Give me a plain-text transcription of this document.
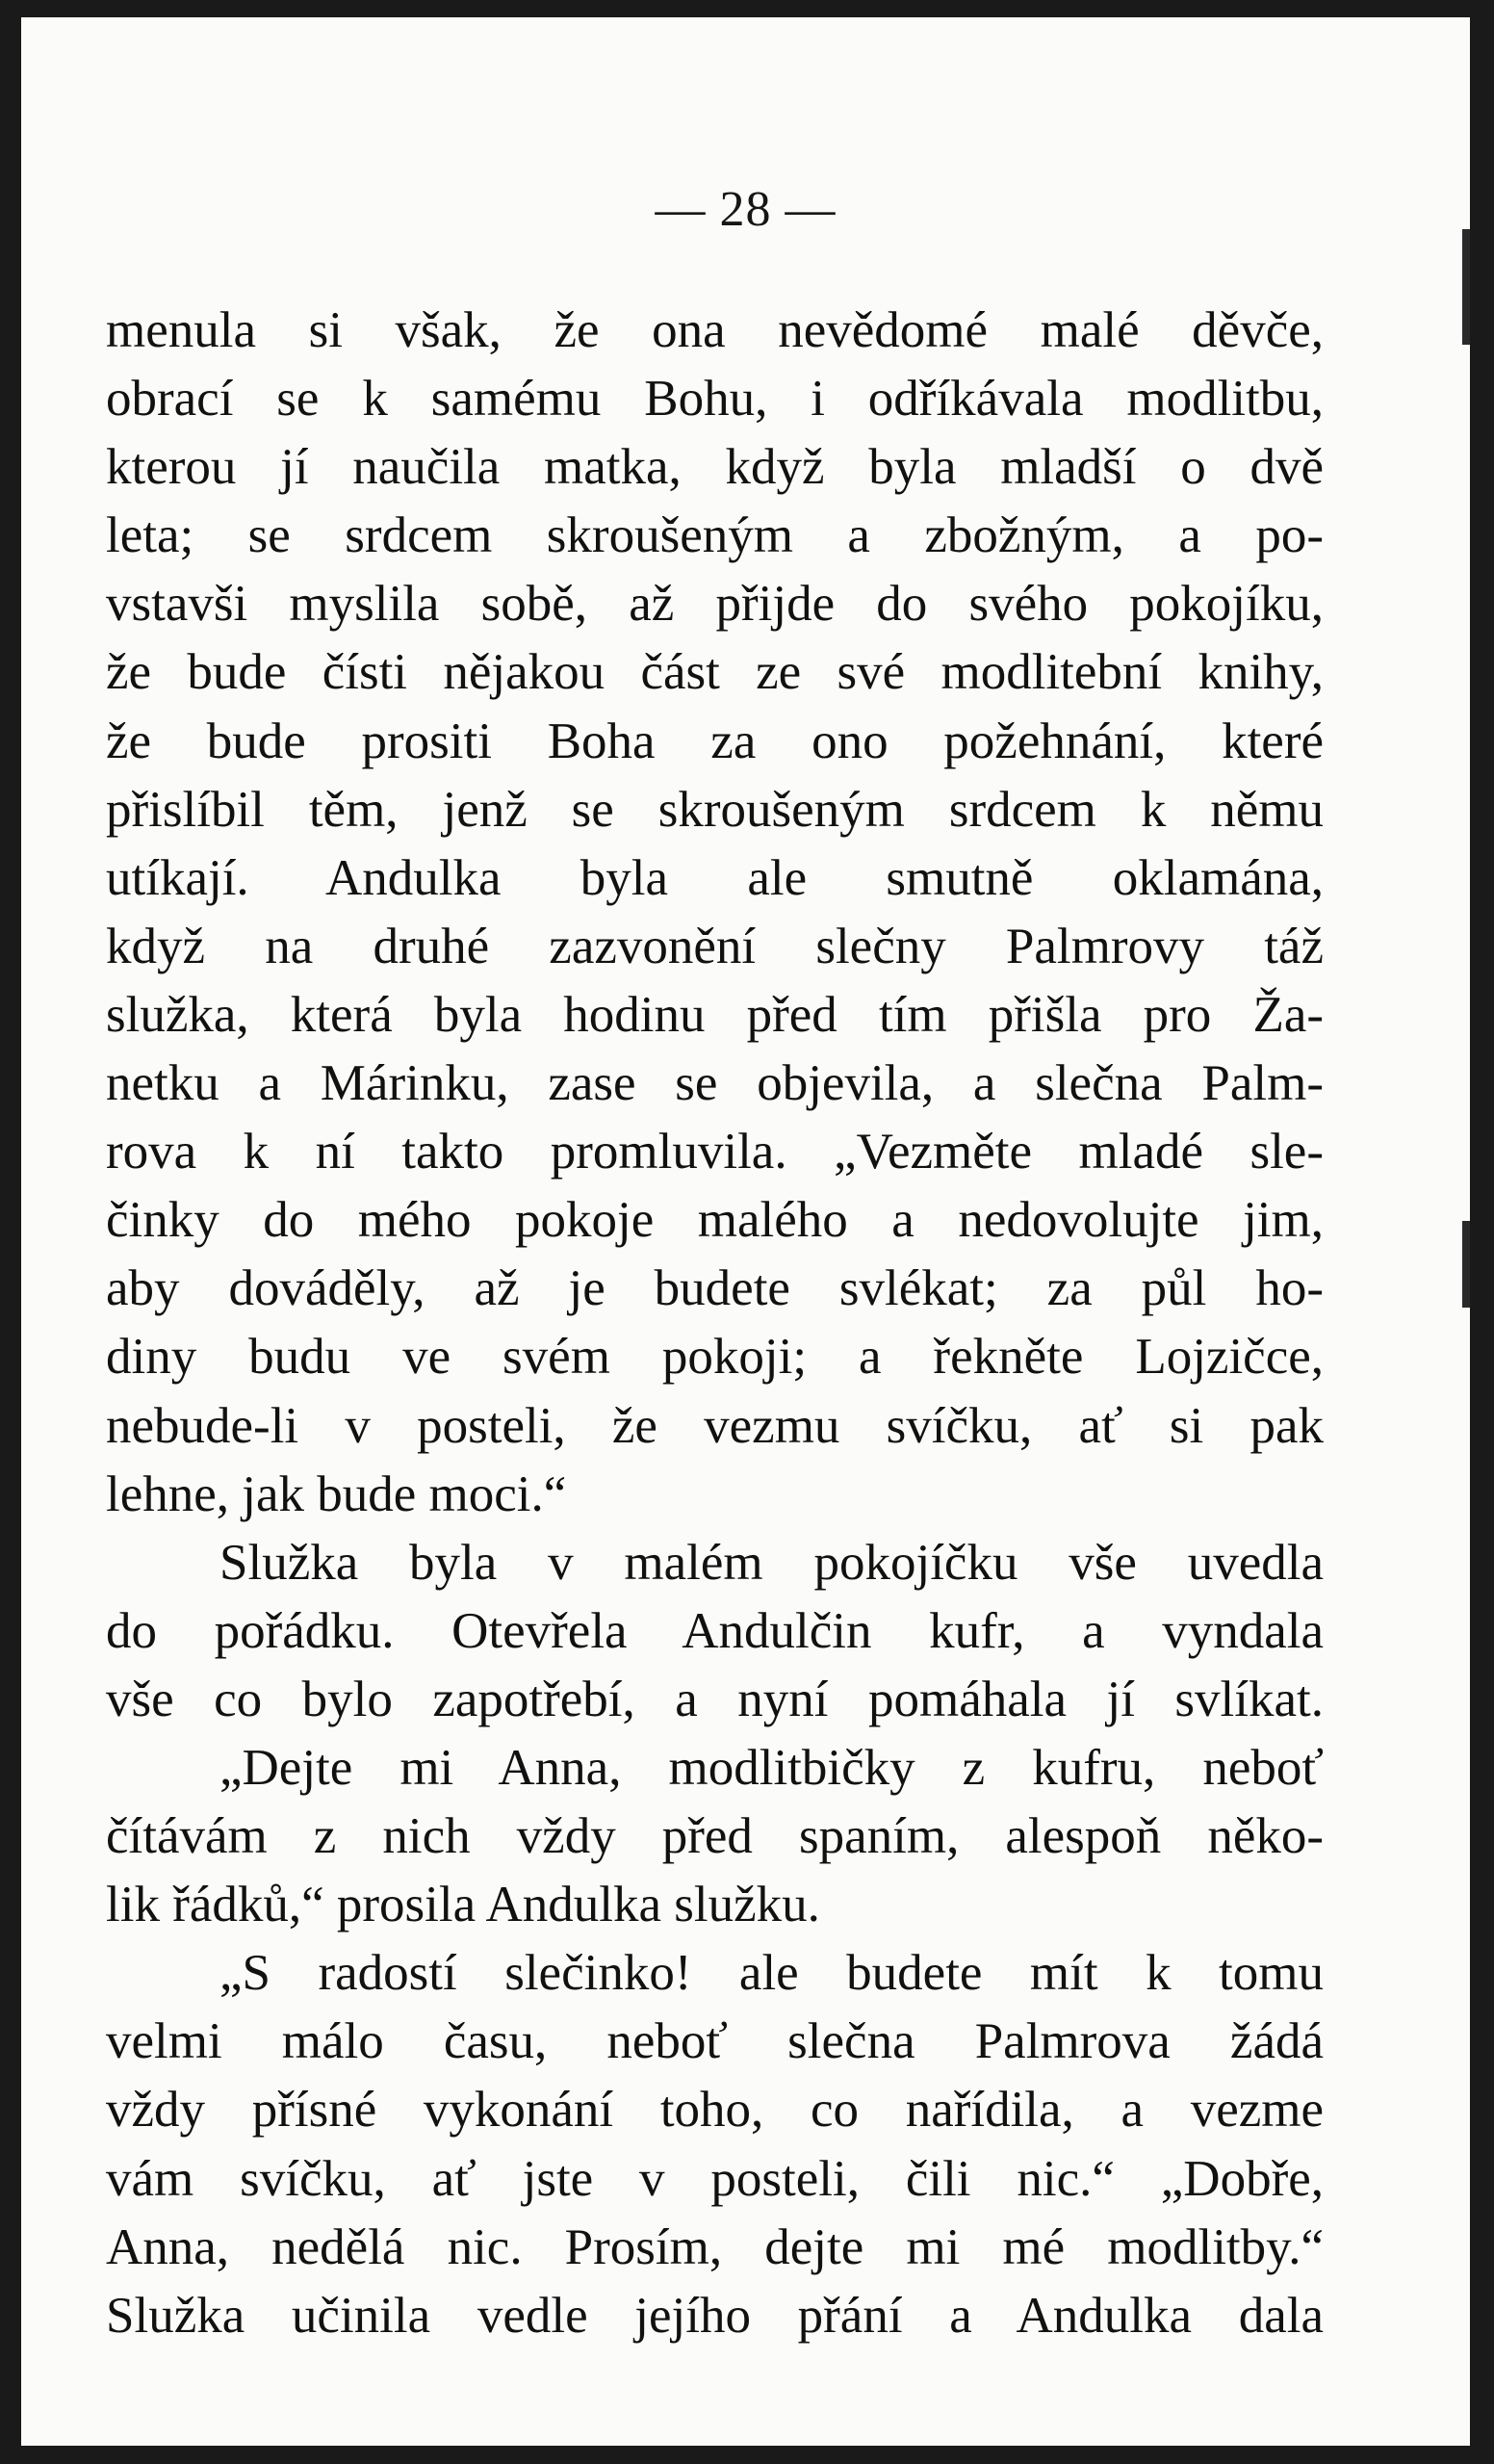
— 28 —

menula si však, že ona nevědomé malé děvče,
obrací se k samému Bohu, i odříkávala modlitbu,
kterou jí naučila matka, když byla mladší o dvě
leta; se srdcem skroušeným a zbožným, a po-
vstavši myslila sobě, až přijde do svého pokojíku,
že bude čísti nějakou část ze své modlitební knihy,
že bude prositi Boha za ono požehnání, které
přislíbil těm, jenž se skroušeným srdcem k němu
utíkají. Andulka byla ale smutně oklamána,
když na druhé zazvonění slečny Palmrovy táž
služka, která byla hodinu před tím přišla pro Ža-
netku a Márinku, zase se objevila, a slečna Palm-
rova k ní takto promluvila. „Vezměte mladé sle-
činky do mého pokoje malého a nedovolujte jim,
aby dováděly, až je budete svlékat; za půl ho-
diny budu ve svém pokoji; a řekněte Lojzičce,
nebude-li v posteli, že vezmu svíčku, ať si pak
lehne, jak bude moci.“
Služka byla v malém pokojíčku vše uvedla
do pořádku. Otevřela Andulčin kufr, a vyndala
vše co bylo zapotřebí, a nyní pomáhala jí svlíkat.
„Dejte mi Anna, modlitbičky z kufru, neboť
čítávám z nich vždy před spaním, alespoň něko-
lik řádků,“ prosila Andulka služku.
„S radostí slečinko! ale budete mít k tomu
velmi málo času, neboť slečna Palmrova žádá
vždy přísné vykonání toho, co nařídila, a vezme
vám svíčku, ať jste v posteli, čili nic.“ „Dobře,
Anna, nedělá nic. Prosím, dejte mi mé modlitby.“
Služka učinila vedle jejího přání a Andulka dala
